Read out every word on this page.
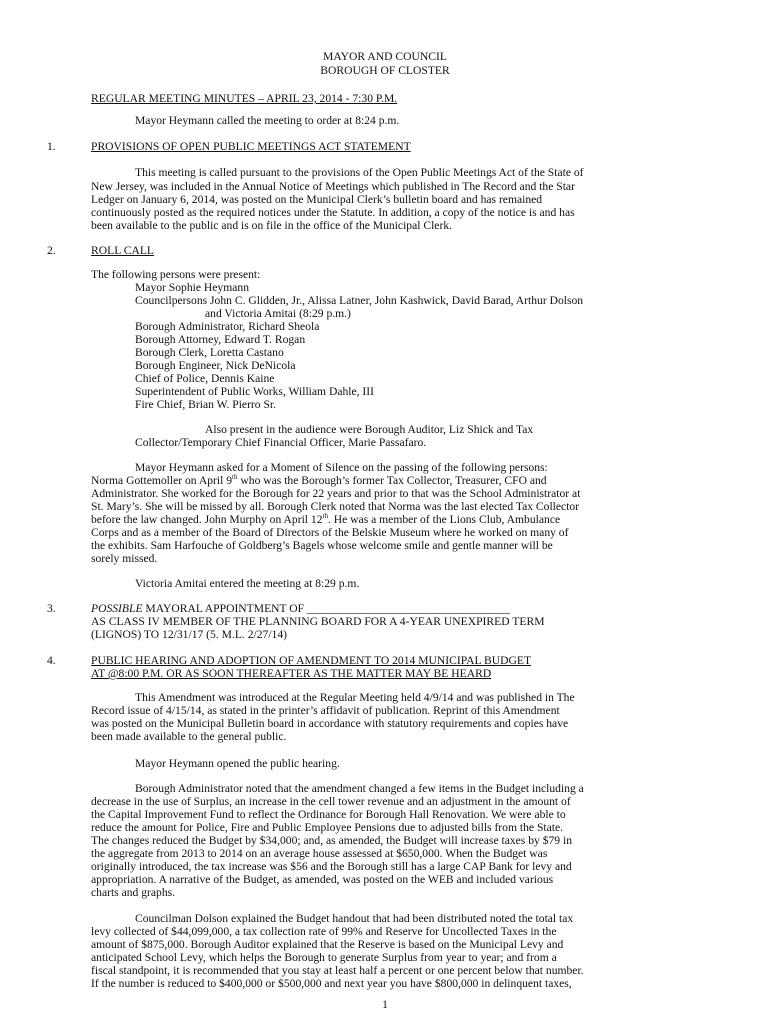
MAYOR AND COUNCIL
BOROUGH OF CLOSTER
REGULAR MEETING MINUTES – APRIL 23, 2014 - 7:30 P.M.
Mayor Heymann called the meeting to order at 8:24 p.m.
1.	PROVISIONS OF OPEN PUBLIC MEETINGS ACT STATEMENT
This meeting is called pursuant to the provisions of the Open Public Meetings Act of the State of
New Jersey, was included in the Annual Notice of Meetings which published in The Record and the Star
Ledger on January 6, 2014, was posted on the Municipal Clerk’s bulletin board and has remained
continuously posted as the required notices under the Statute. In addition, a copy of the notice is and has
been available to the public and is on file in the office of the Municipal Clerk.
2.	ROLL CALL
The following persons were present:
Mayor Sophie Heymann
Councilpersons John C. Glidden, Jr., Alissa Latner, John Kashwick, David Barad, Arthur Dolson
and Victoria Amitai (8:29 p.m.)
Borough Administrator, Richard Sheola
Borough Attorney, Edward T. Rogan
Borough Clerk, Loretta Castano
Borough Engineer, Nick DeNicola
Chief of Police, Dennis Kaine
Superintendent of Public Works, William Dahle, III
Fire Chief, Brian W. Pierro Sr.
Also present in the audience were Borough Auditor, Liz Shick and Tax
Collector/Temporary Chief Financial Officer, Marie Passafaro.
Mayor Heymann asked for a Moment of Silence on the passing of the following persons:
Norma Gottemoller on April 9th who was the Borough’s former Tax Collector, Treasurer, CFO and
Administrator. She worked for the Borough for 22 years and prior to that was the School Administrator at
St. Mary’s. She will be missed by all. Borough Clerk noted that Norma was the last elected Tax Collector
before the law changed. John Murphy on April 12th. He was a member of the Lions Club, Ambulance
Corps and as a member of the Board of Directors of the Belskie Museum where he worked on many of
the exhibits. Sam Harfouche of Goldberg’s Bagels whose welcome smile and gentle manner will be
sorely missed.
Victoria Amitai entered the meeting at 8:29 p.m.
3.	POSSIBLE MAYORAL APPOINTMENT OF ___________________________________
AS CLASS IV MEMBER OF THE PLANNING BOARD FOR A 4-YEAR UNEXPIRED TERM
(LIGNOS) TO 12/31/17 (5. M.L. 2/27/14)
4.	PUBLIC HEARING AND ADOPTION OF AMENDMENT TO 2014 MUNICIPAL BUDGET
AT @8:00 P.M. OR AS SOON THEREAFTER AS THE MATTER MAY BE HEARD
This Amendment was introduced at the Regular Meeting held 4/9/14 and was published in The
Record issue of 4/15/14, as stated in the printer’s affidavit of publication. Reprint of this Amendment
was posted on the Municipal Bulletin board in accordance with statutory requirements and copies have
been made available to the general public.
Mayor Heymann opened the public hearing.
Borough Administrator noted that the amendment changed a few items in the Budget including a
decrease in the use of Surplus, an increase in the cell tower revenue and an adjustment in the amount of
the Capital Improvement Fund to reflect the Ordinance for Borough Hall Renovation. We were able to
reduce the amount for Police, Fire and Public Employee Pensions due to adjusted bills from the State.
The changes reduced the Budget by $34,000; and, as amended, the Budget will increase taxes by $79 in
the aggregate from 2013 to 2014 on an average house assessed at $650,000. When the Budget was
originally introduced, the tax increase was $56 and the Borough still has a large CAP Bank for levy and
appropriation. A narrative of the Budget, as amended, was posted on the WEB and included various
charts and graphs.
Councilman Dolson explained the Budget handout that had been distributed noted the total tax
levy collected of $44,099,000, a tax collection rate of 99% and Reserve for Uncollected Taxes in the
amount of $875,000. Borough Auditor explained that the Reserve is based on the Municipal Levy and
anticipated School Levy, which helps the Borough to generate Surplus from year to year; and from a
fiscal standpoint, it is recommended that you stay at least half a percent or one percent below that number.
If the number is reduced to $400,000 or $500,000 and next year you have $800,000 in delinquent taxes,
1
